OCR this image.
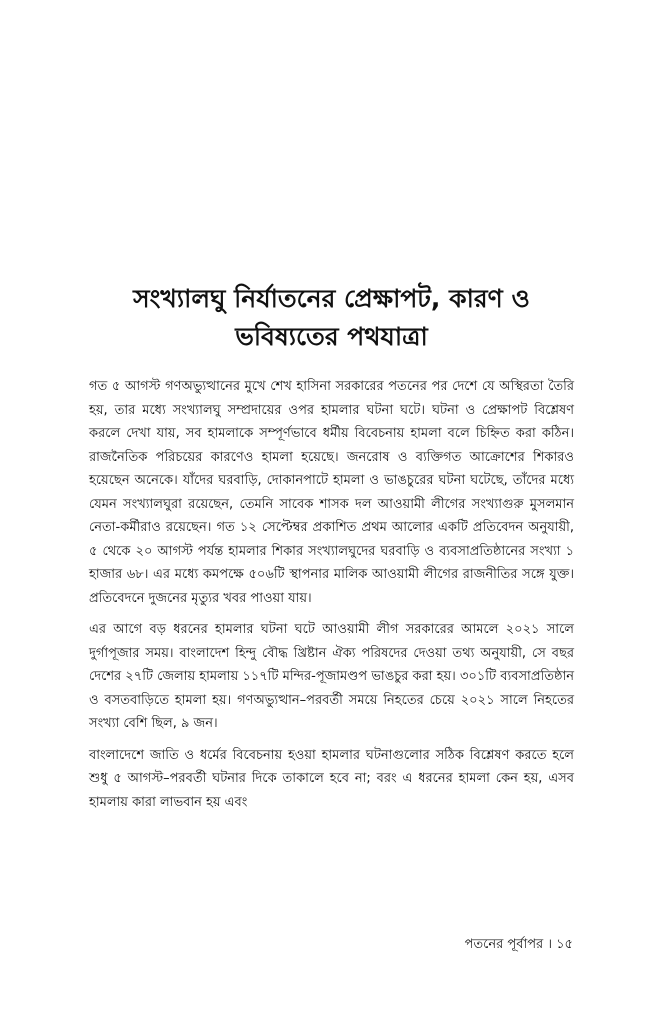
সংখ্যালঘু নির্যাতনের প্রেক্ষাপট, কারণ ও
ভবিষ্যতের পথযাত্রা

গত ৫ আগস্ট গণঅভ্যুত্থানের মুখে শেখ হাসিনা সরকারের পতনের পর দেশে যে অস্থিরতা তৈরি হয়, তার মধ্যে সংখ্যালঘু সম্প্রদায়ের ওপর হামলার ঘটনা ঘটে। ঘটনা ও প্রেক্ষাপট বিশ্লেষণ করলে দেখা যায়, সব হামলাকে সম্পূর্ণভাবে ধর্মীয় বিবেচনায় হামলা বলে চিহ্নিত করা কঠিন। রাজনৈতিক পরিচয়ের কারণেও হামলা হয়েছে। জনরোষ ও ব্যক্তিগত আক্রোশের শিকারও হয়েছেন অনেকে। যাঁদের ঘরবাড়ি, দোকানপাটে হামলা ও ভাঙচুরের ঘটনা ঘটেছে, তাঁদের মধ্যে যেমন সংখ্যালঘুরা রয়েছেন, তেমনি সাবেক শাসক দল আওয়ামী লীগের সংখ্যাগুরু মুসলমান নেতা-কর্মীরাও রয়েছেন। গত ১২ সেপ্টেম্বর প্রকাশিত প্রথম আলোর একটি প্রতিবেদন অনুযায়ী, ৫ থেকে ২০ আগস্ট পর্যন্ত হামলার শিকার সংখ্যালঘুদের ঘরবাড়ি ও ব্যবসাপ্রতিষ্ঠানের সংখ্যা ১ হাজার ৬৮। এর মধ্যে কমপক্ষে ৫০৬টি স্থাপনার মালিক আওয়ামী লীগের রাজনীতির সঙ্গে যুক্ত। প্রতিবেদনে দুজনের মৃত্যুর খবর পাওয়া যায়।

এর আগে বড় ধরনের হামলার ঘটনা ঘটে আওয়ামী লীগ সরকারের আমলে ২০২১ সালে দুর্গাপূজার সময়। বাংলাদেশ হিন্দু বৌদ্ধ খ্রিষ্টান ঐক্য পরিষদের দেওয়া তথ্য অনুযায়ী, সে বছর দেশের ২৭টি জেলায় হামলায় ১১৭টি মন্দির-পূজামণ্ডপ ভাঙচুর করা হয়। ৩০১টি ব্যবসাপ্রতিষ্ঠান ও বসতবাড়িতে হামলা হয়। গণঅভ্যুত্থান–পরবর্তী সময়ে নিহতের চেয়ে ২০২১ সালে নিহতের সংখ্যা বেশি ছিল, ৯ জন।

বাংলাদেশে জাতি ও ধর্মের বিবেচনায় হওয়া হামলার ঘটনাগুলোর সঠিক বিশ্লেষণ করতে হলে শুধু ৫ আগস্ট–পরবর্তী ঘটনার দিকে তাকালে হবে না; বরং এ ধরনের হামলা কেন হয়, এসব হামলায় কারা লাভবান হয় এবং

পতনের পূর্বাপর । ১৫
